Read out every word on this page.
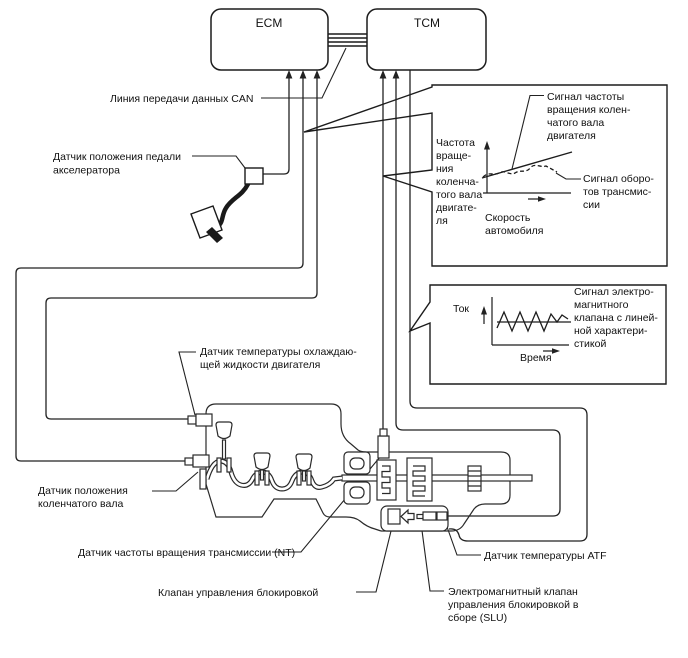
ECM	TCM
Частота
враще-
ния
коленча-
того вала
двигате-
ля
Сигнал частоты
вращения колен-
чатого вала
двигателя
Сигнал оборо-
тов трансмис-
сии
Скорость
автомобиля
Ток
Время
Сигнал электро-
магнитного
клапана с линей-
ной характери-
стикой
Линия передачи данных CAN
Датчик положения педали
акселератора
Датчик температуры охлаждаю-
щей жидкости двигателя
Датчик положения
коленчатого вала
Датчик частоты вращения трансмиссии (NT)
Клапан управления блокировкой	Электромагнитный клапан
управления блокировкой в
сборе (SLU)
Датчик температуры ATF
